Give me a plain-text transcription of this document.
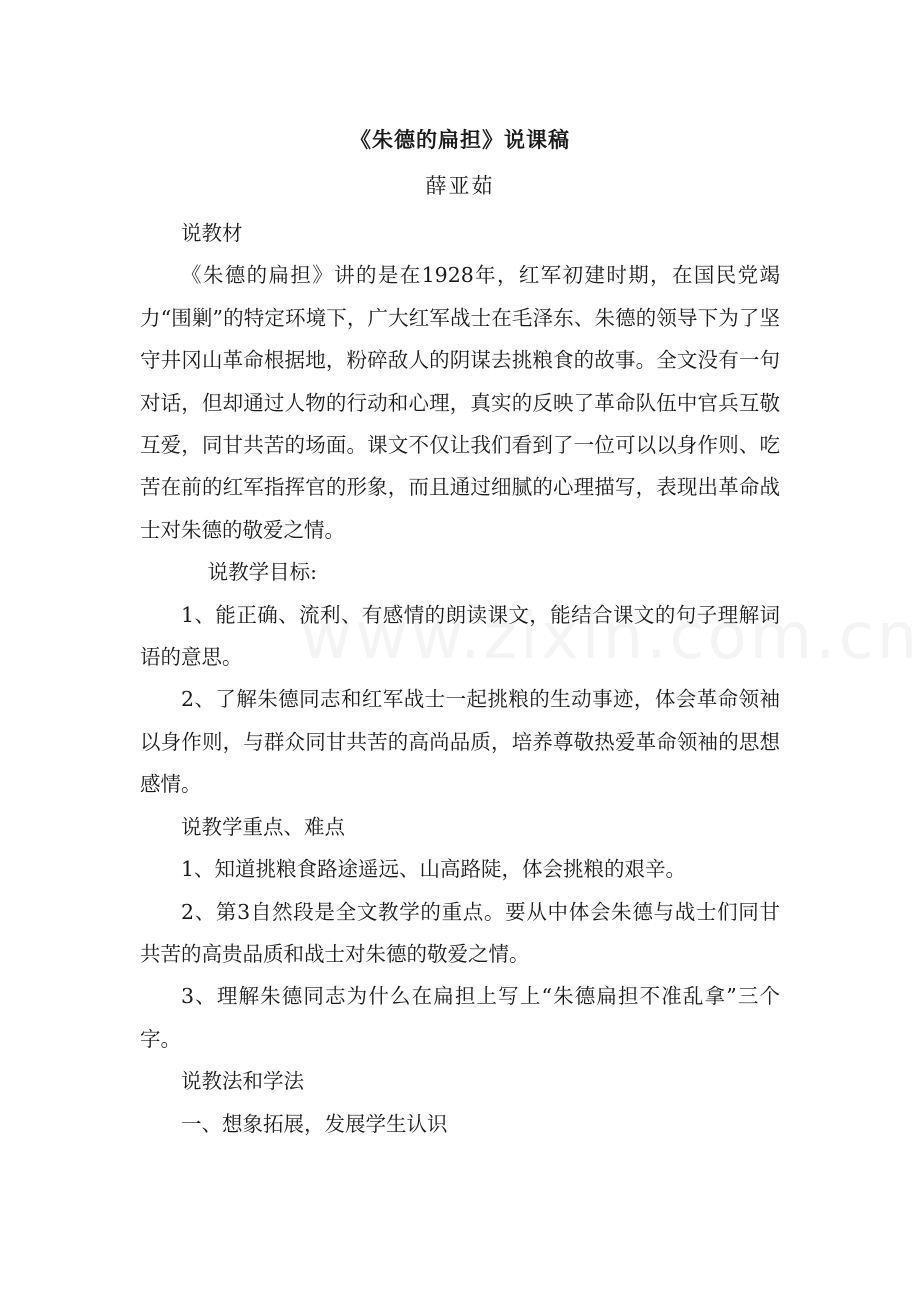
《朱德的扁担》说课稿
薛亚茹

说教材

《朱德的扁担》讲的是在1928年，红军初建时期，在国民党竭力“围剿”的特定环境下，广大红军战士在毛泽东、朱德的领导下为了坚守井冈山革命根据地，粉碎敌人的阴谋去挑粮食的故事。全文没有一句对话，但却通过人物的行动和心理，真实的反映了革命队伍中官兵互敬互爱，同甘共苦的场面。课文不仅让我们看到了一位可以以身作则、吃苦在前的红军指挥官的形象，而且通过细腻的心理描写，表现出革命战士对朱德的敬爱之情。

说教学目标:

1、能正确、流利、有感情的朗读课文，能结合课文的句子理解词语的意思。

2、了解朱德同志和红军战士一起挑粮的生动事迹，体会革命领袖以身作则，与群众同甘共苦的高尚品质，培养尊敬热爱革命领袖的思想感情。

说教学重点、难点

1、知道挑粮食路途遥远、山高路陡，体会挑粮的艰辛。

2、第3自然段是全文教学的重点。要从中体会朱德与战士们同甘共苦的高贵品质和战士对朱德的敬爱之情。

3、理解朱德同志为什么在扁担上写上“朱德扁担不准乱拿”三个字。

说教法和学法

一、想象拓展，发展学生认识
